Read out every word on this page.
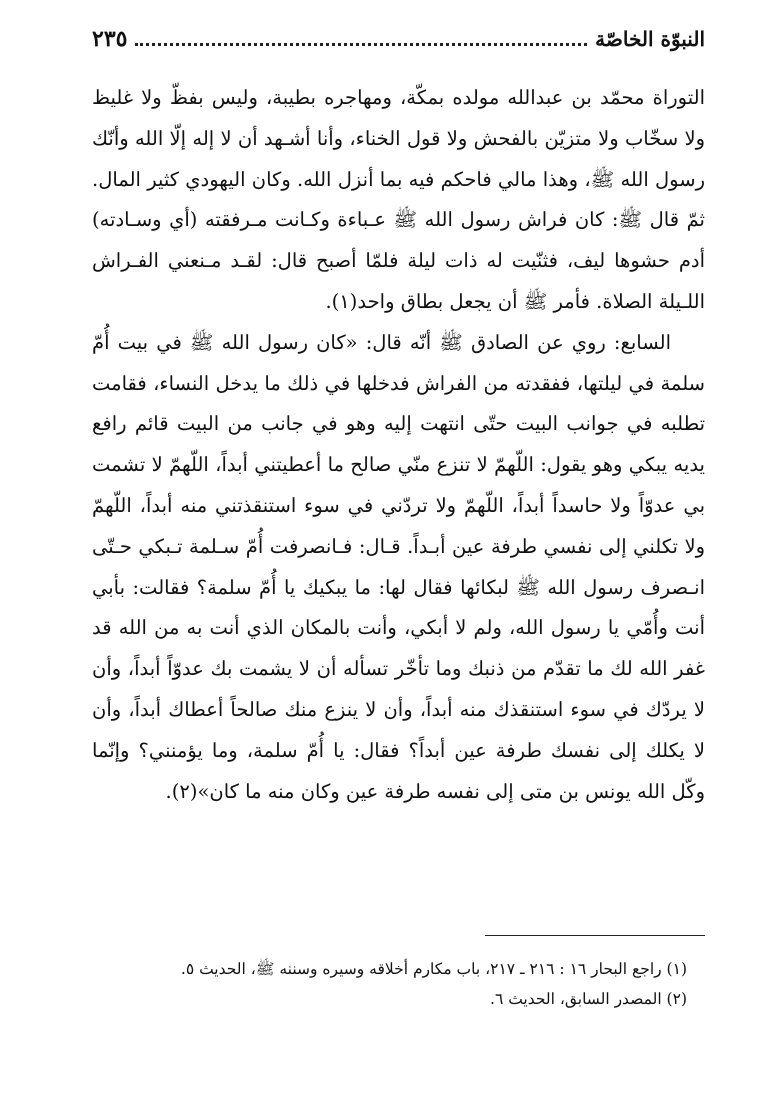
النبوّة الخاصّة
٢٣٥

التوراة محمّد بن عبدالله مولده بمكّة، ومهاجره بطيبة، وليس بفظّ ولا غليظ ولا سخّاب ولا متزيّن بالفحش ولا قول الخناء، وأنا أشـهد أن لا إله إلّا الله وأنّك رسول الله ﷺ، وهذا مالي فاحكم فيه بما أنزل الله. وكان اليهودي كثير المال. ثمّ قال ﷺ: كان فراش رسول الله ﷺ عـباءة وكـانت مـرفقته (أي وسـادته) أدم حشوها ليف، فثنّيت له ذات ليلة فلمّا أصبح قال: لقـد مـنعني الفـراش اللـيلة الصلاة. فأمر ﷺ أن يجعل بطاق واحد(١).

السابع: روي عن الصادق ﷺ أنّه قال: «كان رسول الله ﷺ في بيت أُمّ سلمة في ليلتها، ففقدته من الفراش فدخلها في ذلك ما يدخل النساء، فقامت تطلبه في جوانب البيت حتّى انتهت إليه وهو في جانب من البيت قائم رافع يديه يبكي وهو يقول: اللّهمّ لا تنزع منّي صالح ما أعطيتني أبداً، اللّهمّ لا تشمت بي عدوّاً ولا حاسداً أبداً، اللّهمّ ولا تردّني في سوء استنقذتني منه أبداً، اللّهمّ ولا تكلني إلى نفسي طرفة عين أبـداً. قـال: فـانصرفت أُمّ سـلمة تـبكي حـتّى انـصرف رسول الله ﷺ لبكائها فقال لها: ما يبكيك يا أُمّ سلمة؟ فقالت: بأبي أنت وأُمّي يا رسول الله، ولم لا أبكي، وأنت بالمكان الذي أنت به من الله قد غفر الله لك ما تقدّم من ذنبك وما تأخّر تسأله أن لا يشمت بك عدوّاً أبداً، وأن لا يردّك في سوء استنقذك منه أبداً، وأن لا ينزع منك صالحاً أعطاك أبداً، وأن لا يكلك إلى نفسك طرفة عين أبداً؟ فقال: يا أُمّ سلمة، وما يؤمنني؟ وإنّما وكّل الله يونس بن متى إلى نفسه طرفة عين وكان منه ما كان»(٢).

(١) راجع البحار ١٦ : ٢١٦ ـ ٢١٧، باب مكارم أخلاقه وسيره وسننه ﷺ، الحديث ٥.

(٢) المصدر السابق، الحديث ٦.
